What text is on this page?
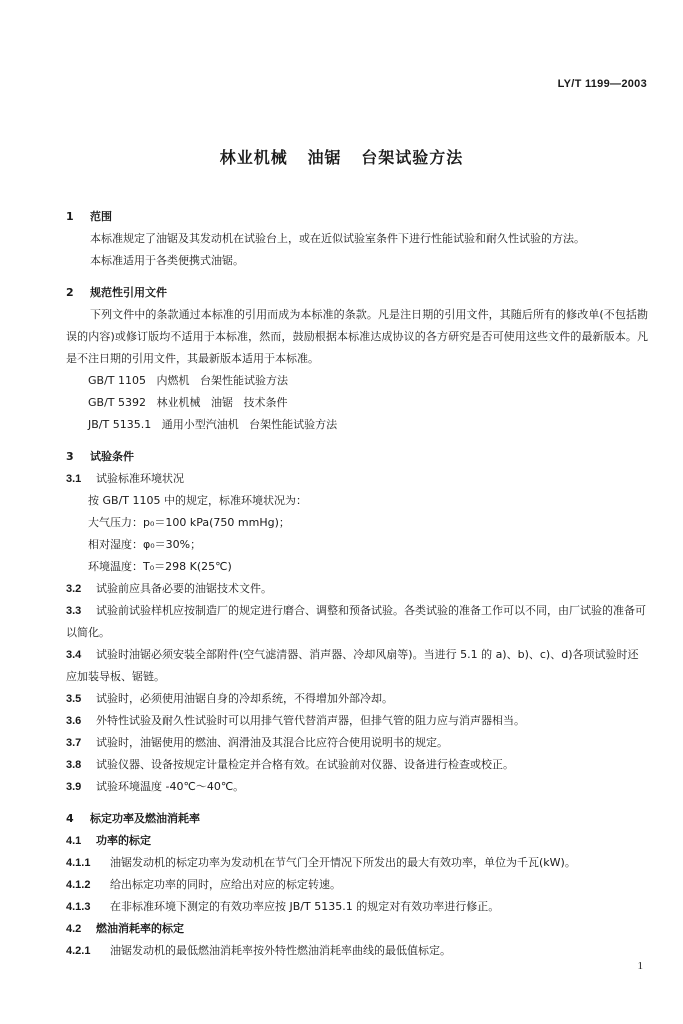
LY/T 1199—2003
林业机械   油锯   台架试验方法
1 范围
本标准规定了油锯及其发动机在试验台上，或在近似试验室条件下进行性能试验和耐久性试验的方法。
本标准适用于各类便携式油锯。
2 规范性引用文件
下列文件中的条款通过本标准的引用而成为本标准的条款。凡是注日期的引用文件，其随后所有的修改单(不包括勘误的内容)或修订版均不适用于本标准，然而，鼓励根据本标准达成协议的各方研究是否可使用这些文件的最新版本。凡是不注日期的引用文件，其最新版本适用于本标准。
GB/T 1105   内燃机   台架性能试验方法
GB/T 5392   林业机械   油锯   技术条件
JB/T 5135.1   通用小型汽油机   台架性能试验方法
3 试验条件
3.1 试验标准环境状况
按 GB/T 1105 中的规定，标准环境状况为：
大气压力：p₀＝100 kPa(750 mmHg)；
相对湿度：φ₀＝30%；
环境温度：T₀＝298 K(25℃)
3.2 试验前应具备必要的油锯技术文件。
3.3 试验前试验样机应按制造厂的规定进行磨合、调整和预备试验。各类试验的准备工作可以不同，由厂试验的准备可以简化。
3.4 试验时油锯必须安装全部附件(空气滤清器、消声器、冷却风扇等)。当进行 5.1 的 a)、b)、c)、d)各项试验时还应加装导板、锯链。
3.5 试验时，必须使用油锯自身的冷却系统，不得增加外部冷却。
3.6 外特性试验及耐久性试验时可以用排气管代替消声器，但排气管的阻力应与消声器相当。
3.7 试验时，油锯使用的燃油、润滑油及其混合比应符合使用说明书的规定。
3.8 试验仪器、设备按规定计量检定并合格有效。在试验前对仪器、设备进行检查或校正。
3.9 试验环境温度 -40℃～40℃。
4 标定功率及燃油消耗率
4.1 功率的标定
4.1.1 油锯发动机的标定功率为发动机在节气门全开情况下所发出的最大有效功率，单位为千瓦(kW)。
4.1.2 给出标定功率的同时，应给出对应的标定转速。
4.1.3 在非标准环境下测定的有效功率应按 JB/T 5135.1 的规定对有效功率进行修正。
4.2 燃油消耗率的标定
4.2.1 油锯发动机的最低燃油消耗率按外特性燃油消耗率曲线的最低值标定。
1
